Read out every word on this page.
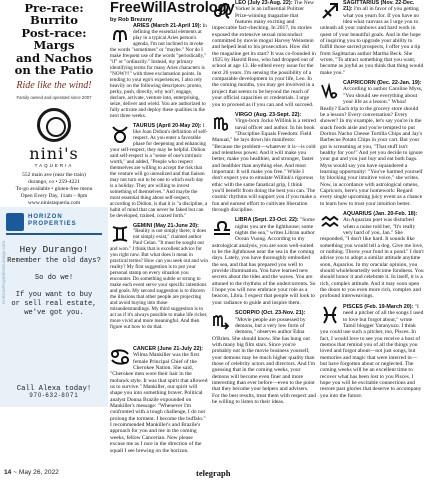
Pre-race: Burrito
Post-race: Margs
and Nachos
on the Patio
Ride like the wind!
Family owned and operated since 2007
nini's
TAQUERIA
552 main ave (near the train)
durango, co • 259-4221
To-go available • gluten-free menu
Open Every Day, 11am – 8pm
www.ninistaqueria.com
HORIZON
PROPERTIES
HorizonPropertiesDurango.com	Hey Durango!
Remember the old days?
So do we!
If you want to buy
or sell real estate,
we've got you.
Call Alexa today!
970-632-8071
14 ~ May 26, 2022	telegraph
FreeWillAstrology
by Rob Brezsny
ARIES (March 21-April 19): In defining the essential elements at play in a typical Aries person's agenda, I'm not inclined to invoke the words "sometimes" or "maybe." Nor do I make frequent use of the words "periodically," "if" or "ordinarily." Instead, my primary identifying terms for many Aries characters is "NOW!!!" with three exclamation points. In tending to your ego's experiences, I also rely heavily on the following descriptors: promo, perky, push, directly, why not?, engage, declare, activate, venture into, enterprising, seize, deliver and wield. You are authorized to fully activate and deploy these qualities in the next three weeks.
TAURUS (April 20-May 20): I like Joan Didion's definition of self-respect. As you enter a favorable phase for deepening and enhancing your self-respect, they may be helpful. Didion said self-respect is a "sense of one's intrinsic worth," and added, "People who respect themselves are willing to accept the risk that the venture will go unrealized and that liaison may not turn out to be one to which each day is a holiday. They are willing to invest something of themselves." And maybe the most essential thing about self-respect, according to Didion, is that it is "a discipline, a habit of mind that can never be faked but can be developed, trained, coaxed forth."
GEMINI (May 21-June 20): "Reality is not simply there; it does not simply exist," claimed author Paul Celan. "It must be sought out and won." I think that is excellent advice for you right now. But what does it mean in practical terms? How can you seek out and win reality? My first suggestion is to put your personal stamp on every situation you encounter. Do something subtle or strong to make each event serve your specific intentions and goals. My second suggestion is to discern the illusions that other people are projecting and avoid buying into those misunderstandings. My third suggestion is to act as if it's always possible to make life richer, more vivid and more meaningful. And then figure out how to do that.
LEO (July 23-Aug. 22): The New Yorker is an influential Pulitzer Prize-winning magazine that features many exciting and impeccable fact-checking. In 2017, its stories exposed the extensive sexual misconduct committed by movie mogul Harvey Weinstein and helped lead to his prosecution. How did the magazine get its start? It was co-founded in 1925 by Harold Ross, who had dropped out of school at age 13. He edited every issue for the next 26 years. I'm sensing the possibility of a comparable development in your life, Leo. In the coming months, you may get involved in a project that seems to be beyond the reach of your official capacities or credentials. I urge you to proceed as if you can and will succeed.
VIRGO (Aug. 23-Sept. 22): Virgo-born Jocko Willink is a retired naval officer and author. In his book "Discipline Equals Freedom: Field Manual," he lays down his manifesto: "Because the problem—whatever it is—is cold and relentless power. And it will make you better, make you healthier, and stronger, faster and healthier than anything else. And most important: It will make you free." While I don't expect you to emulate Willink's rigorous ethic with the same fanatical grip, I think you'll benefit from doing the best you can. The cosmic rhythms will support you if you make a fun and earnest effort to cultivate liberation through discipline.
LIBRA (Sept. 23-Oct. 22): "Some nights you are the lighthouse; some nights the sea," writes Libran author Ocean Vuong. According to my astrological analysis, you are soon well-suited to be the lighthouse near the sea in the coming days. Lately, you have thoroughly embodied the sea, and that has prepared you well to provide illumination. You have learned new secrets about the tides and the waves. You are attuned to the rhythms of the undercurrents. So I hope you will now embrace your role as a beacon, Libra. I expect that people will look to your radiance to guide and inspire them.
SCORPIO (Oct. 23-Nov. 21): "Movie people are possessed by demons, but a very low form of demons," observes author Edna O'Brien. She should know. She has hung out with many big film stars. Since you're probably not in the movie business yourself, your demons may be much higher quality than those of celebrity actors and directors. And I'm guessing that in the coming weeks, your demons will become even finer and more interesting than ever before—even to the point that they become your helpers and advisers. For the best results, treat them with respect and be willing to listen to their ideas.
SAGITTARIUS (Nov. 22-Dec. 21): I'm all in favor of you getting what you yearn for. If you have no idea what canvass as I urge you to unleash all your rainbows and hard work in quest of your beautiful goals. And in the hope of inspiring you to upgrade your ability to fulfill those sacred prospects, I offer you a tip from Sagittarian author Martha Beck. She wrote, "To attract something that you want, become as joyful as you think that thing would make you."
CAPRICORN (Dec. 22-Jan. 19): According to author Caroline Myss, "You should see everything about your life as a lesson." Whoa! Really? Each trip to the grocery store should be a lesson? Every conversation? Every shower? In my example, let's say you're in the snack foods aisle and you're tempted to put Doritos Nacho Cheese Tortilla Chips and Jay's Barbecue Potato Chips in your cart. But your gut is screaming at you, "That stuff isn't healthy for you!" And yet you decide to ignore your gut and you just buy and eat both bags. Myss would say you have squandered a learning opportunity: "You've harmed yourself by blocking your intuitive voice," she writes. Now, in accordance with astrological omens, Capricorn, here's your homework: Regard every single upcoming juicy event as a chance to learn how to trust your intuition better.
AQUARIUS (Jan. 20-Feb. 18): An Aquarian poet was disturbed when a noise told her, "It's really very hard of you, Jan." She responded, "I don't like hard. It sounds like something you would tell a dog. Give me love, or nothing. Throw your fond in a pond." I don't advise you to adopt a similar attitude anytime soon, Aquarius. In my oracular opinion, you should wholeheartedly welcome fondness. You should honor it and celebrate it. In itself, it is a rich, complex attitude. And it may soon open the doors to you even more rich, complex and profound interweavings.
PISCES (Feb. 19-March 20): "I need a pitcher of all the songs I used to love but forgot about," wrote Tamil blogger Yaranyuzo. I think you could use such a pitcher, too, Pisces. In fact, I would love to see you receive a host of memos that remind you of all the things you loved and forgot about—not just songs, but memories and magic that were interred in—but have forgotten about or neglected. The coming weeks will be an excellent time to recover what has been lost to you Pisces. I hope you will be excitable connections and restore past glories that deserve to accompany you into the future.
CANCER (June 21-July 22): Wilma Mankiller was the first female Principal Chief of the Cherokee Nation. She said, "Cherokee men wore their hair in the mohawk style. It was that spirit that allowed us to survive." Mankiller, our spirit will shape you into something braver. Political analyst Donna Brazile expounded on Mankiller's message: "Whenever I'm confronted with a tough challenge, I do not prolong the torment. I become the buffalo." I recommended Mankiller's and Brazile's approach for you and me in the coming weeks, fellow Cancerian. Now please excuse me as I race in the direction of the squall I see brewing on the horizon.
